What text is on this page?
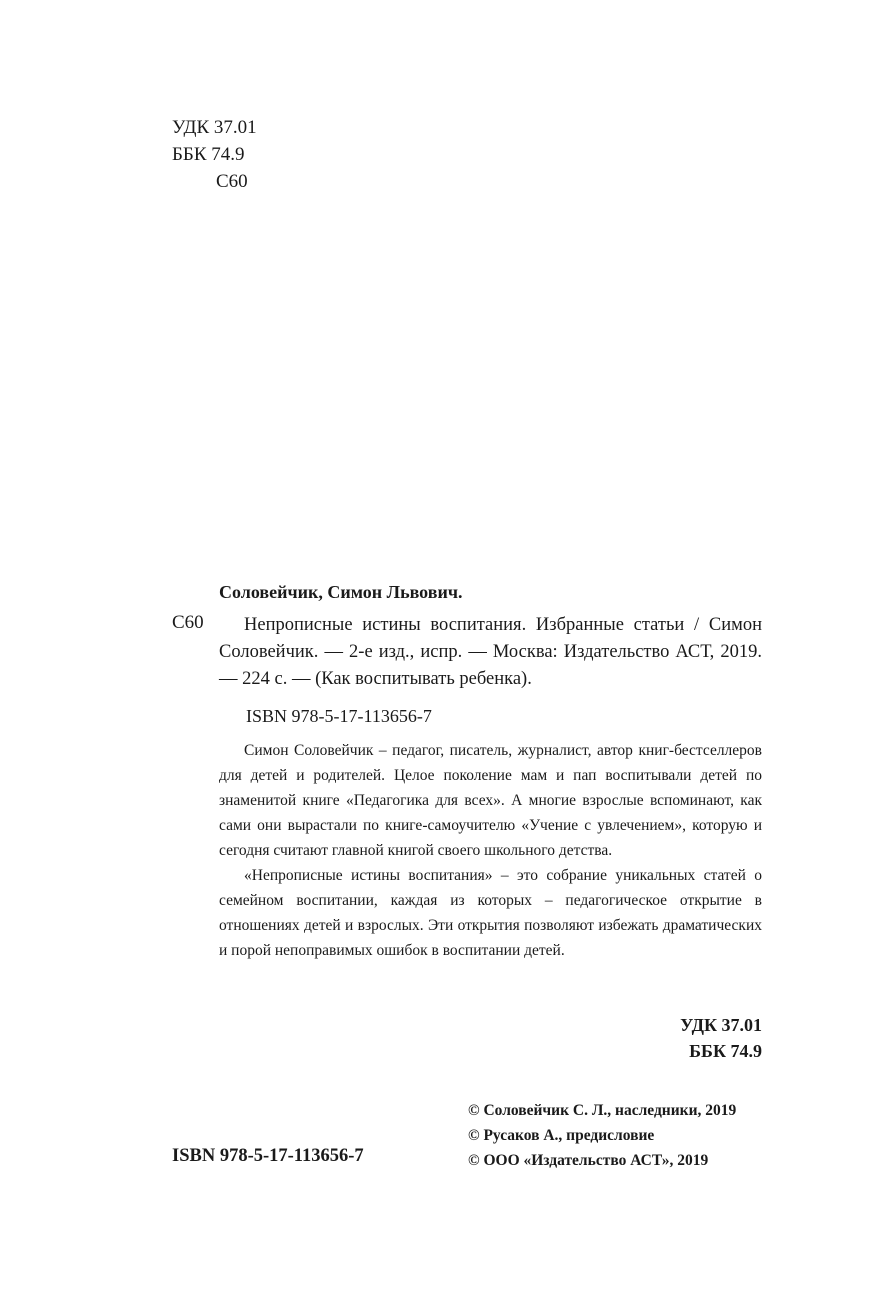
УДК 37.01
ББК 74.9
С60
Соловейчик, Симон Львович.
С60	Непрописные истины воспитания. Избранные статьи / Симон Соловейчик. — 2-е изд., испр. — Москва: Издательство АСТ, 2019. — 224 с. — (Как воспитывать ребенка).
ISBN 978-5-17-113656-7

Симон Соловейчик – педагог, писатель, журналист, автор книг-бестселлеров для детей и родителей. Целое поколение мам и пап воспитывали детей по знаменитой книге «Педагогика для всех». А многие взрослые вспоминают, как сами они вырастали по книге-самоучителю «Учение с увлечением», которую и сегодня считают главной книгой своего школьного детства.

«Непрописные истины воспитания» – это собрание уникальных статей о семейном воспитании, каждая из которых – педагогическое открытие в отношениях детей и взрослых. Эти открытия позволяют избежать драматических и порой непоправимых ошибок в воспитании детей.

УДК 37.01
ББК 74.9
© Соловейчик С. Л., наследники, 2019
© Русаков А., предисловие
© ООО «Издательство АСТ», 2019
ISBN 978-5-17-113656-7
